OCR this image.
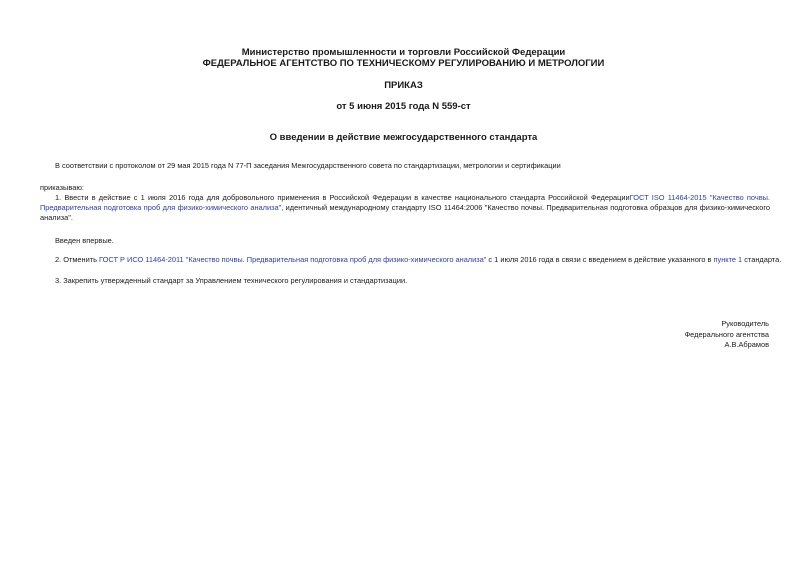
Министерство промышленности и торговли Российской Федерации
ФЕДЕРАЛЬНОЕ АГЕНТСТВО ПО ТЕХНИЧЕСКОМУ РЕГУЛИРОВАНИЮ И МЕТРОЛОГИИ
ПРИКАЗ
от 5 июня 2015 года N 559-ст
О введении в действие межгосударственного стандарта
В соответствии с протоколом от 29 мая 2015 года N 77-П заседания Межгосударственного совета по стандартизации, метрологии и сертификации
приказываю:
1. Ввести в действие с 1 июля 2016 года для добровольного применения в Российской Федерации в качестве национального стандарта Российской ФедерацииГОСТ ISO 11464-2015 "Качество почвы. Предварительная подготовка проб для физико-химического анализа", идентичный международному стандарту ISO 11464:2006 "Качество почвы. Предварительная подготовка образцов для физико-химического анализа".
Введен впервые.
2. Отменить ГОСТ Р ИСО 11464-2011 "Качество почвы. Предварительная подготовка проб для физико-химического анализа" с 1 июля 2016 года в связи с введением в действие указанного в пункте 1 стандарта.
3. Закрепить утвержденный стандарт за Управлением технического регулирования и стандартизации.
Руководитель
Федерального агентства
А.В.Абрамов
